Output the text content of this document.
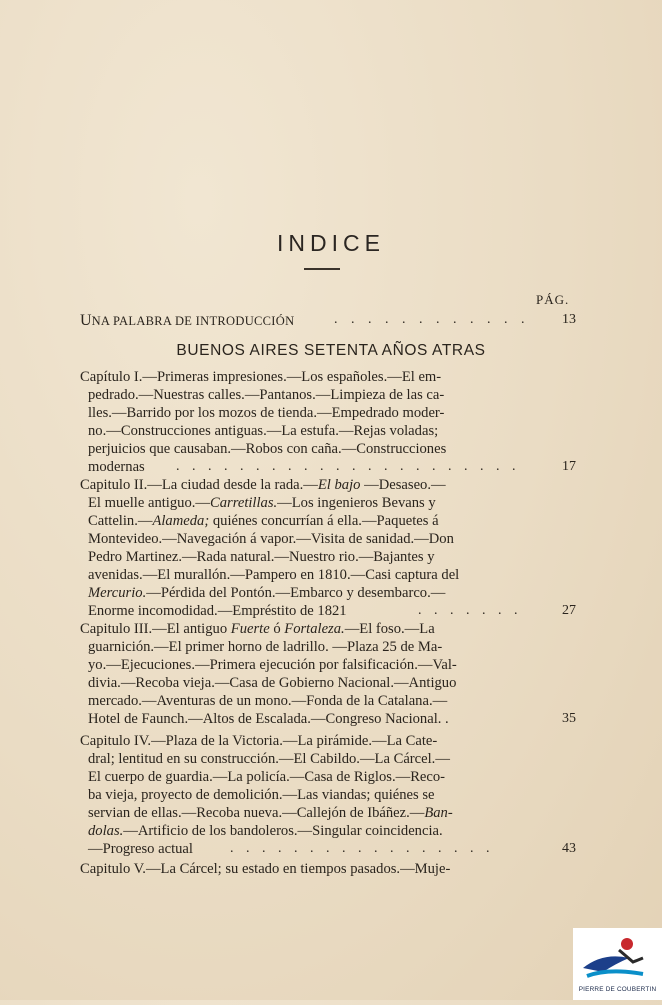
INDICE
PÁG.
UNA PALABRA DE INTRODUCCIÓN	. . . . . . . . . . . .	13
BUENOS AIRES SETENTA AÑOS ATRAS
Capítulo I.—Primeras impresiones.—Los españoles.—El em-
pedrado.—Nuestras calles.—Pantanos.—Limpieza de las ca-
lles.—Barrido por los mozos de tienda.—Empedrado moder-
no.—Construcciones antiguas.—La estufa.—Rejas voladas;
perjuicios que causaban.—Robos con caña.—Construcciones
modernas . . . . . . . . . . . . . . . . . . . . . .	17
Capitulo II.—La ciudad desde la rada.—El bajo —Desaseo.—
El muelle antiguo.—Carretillas.—Los ingenieros Bevans y
Cattelin.—Alameda; quiénes concurrían á ella.—Paquetes á
Montevideo.—Navegación á vapor.—Visita de sanidad.—Don
Pedro Martinez.—Rada natural.—Nuestro rio.—Bajantes y
avenidas.—El murallón.—Pampero en 1810.—Casi captura del
Mercurio.—Pérdida del Pontón.—Embarco y desembarco.—
Enorme incomodidad.—Empréstito de 1821	. . . . . . .	27
Capitulo III.—El antiguo Fuerte ó Fortaleza.—El foso.—La
guarnición.—El primer horno de ladrillo. —Plaza 25 de Ma-
yo.—Ejecuciones.—Primera ejecución por falsificación.—Val-
divia.—Recoba vieja.—Casa de Gobierno Nacional.—Antiguo
mercado.—Aventuras de un mono.—Fonda de la Catalana.—
Hotel de Faunch.—Altos de Escalada.—Congreso Nacional. .	35
Capitulo IV.—Plaza de la Victoria.—La pirámide.—La Cate-
dral; lentitud en su construcción.—El Cabildo.—La Cárcel.—
El cuerpo de guardia.—La policía.—Casa de Riglos.—Reco-
ba vieja, proyecto de demolición.—Las viandas; quiénes se
servian de ellas.—Recoba nueva.—Callejón de Ibáñez.—Ban-
dolas.—Artificio de los bandoleros.—Singular coincidencia.
—Progreso actual	. . . . . . . . . . . . . . . . .	43
Capitulo V.—La Cárcel; su estado en tiempos pasados.—Muje-
PIERRE DE COUBERTIN
